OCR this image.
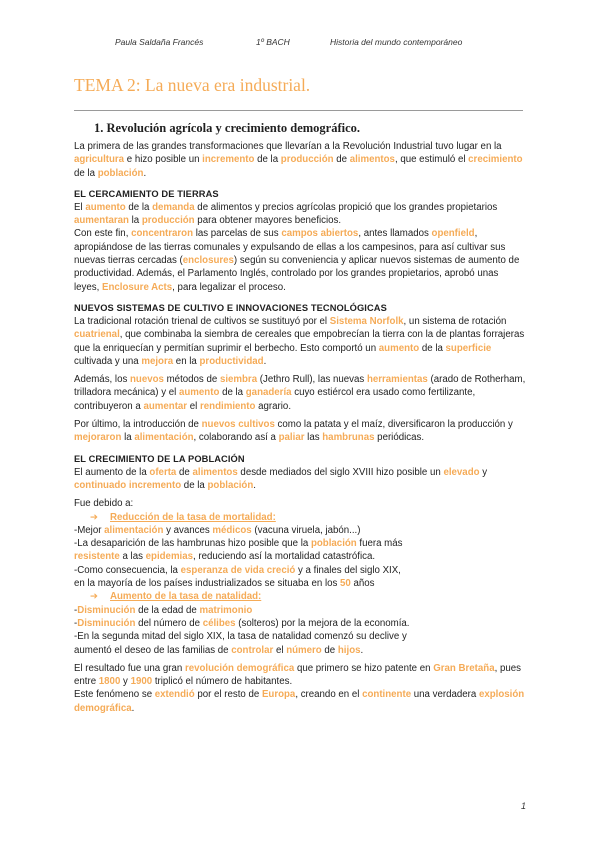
Paula Saldaña Francés	1º BACH	Historia del mundo contemporáneo
TEMA 2: La nueva era industrial.
1. Revolución agrícola y crecimiento demográfico.

La primera de las grandes transformaciones que llevarían a la Revolución Industrial tuvo lugar en la agricultura e hizo posible un incremento de la producción de alimentos, que estimuló el crecimiento de la población.

EL CERCAMIENTO DE TIERRAS

El aumento de la demanda de alimentos y precios agrícolas propició que los grandes propietarios aumentaran la producción para obtener mayores beneficios.

Con este fin, concentraron las parcelas de sus campos abiertos, antes llamados openfield, apropiándose de las tierras comunales y expulsando de ellas a los campesinos, para así cultivar sus nuevas tierras cercadas (enclosures) según su conveniencia y aplicar nuevos sistemas de aumento de productividad. Además, el Parlamento Inglés, controlado por los grandes propietarios, aprobó unas leyes, Enclosure Acts, para legalizar el proceso.

NUEVOS SISTEMAS DE CULTIVO E INNOVACIONES TECNOLÓGICAS

La tradicional rotación trienal de cultivos se sustituyó por el Sistema Norfolk, un sistema de rotación cuatrienal, que combinaba la siembra de cereales que empobrecían la tierra con la de plantas forrajeras que la enriquecían y permitían suprimir el berbecho. Esto comportó un aumento de la superficie cultivada y una mejora en la productividad.

Además, los nuevos métodos de siembra (Jethro Rull), las nuevas herramientas (arado de Rotherham, trilladora mecánica) y el aumento de la ganadería cuyo estiércol era usado como fertilizante, contribuyeron a aumentar el rendimiento agrario.

Por último, la introducción de nuevos cultivos como la patata y el maíz, diversificaron la producción y mejoraron la alimentación, colaborando así a paliar las hambrunas periódicas.

EL CRECIMIENTO DE LA POBLACIÓN

El aumento de la oferta de alimentos desde mediados del siglo XVIII hizo posible un elevado y continuado incremento de la población.

Fue debido a:

➔ Reducción de la tasa de mortalidad:

-Mejor alimentación y avances médicos (vacuna viruela, jabón...)

-La desaparición de las hambrunas hizo posible que la población fuera más

resistente a las epidemias, reduciendo así la mortalidad catastrófica.

-Como consecuencia, la esperanza de vida creció y a finales del siglo XIX,

en la mayoría de los países industrializados se situaba en los 50 años

➔ Aumento de la tasa de natalidad:

-Disminución de la edad de matrimonio

-Disminución del número de célibes (solteros) por la mejora de la economía.

-En la segunda mitad del siglo XIX, la tasa de natalidad comenzó su declive y

aumentó el deseo de las familias de controlar el número de hijos.

El resultado fue una gran revolución demográfica que primero se hizo patente en Gran Bretaña, pues entre 1800 y 1900 triplicó el número de habitantes.

Este fenómeno se extendió por el resto de Europa, creando en el continente una verdadera explosión demográfica.

1
